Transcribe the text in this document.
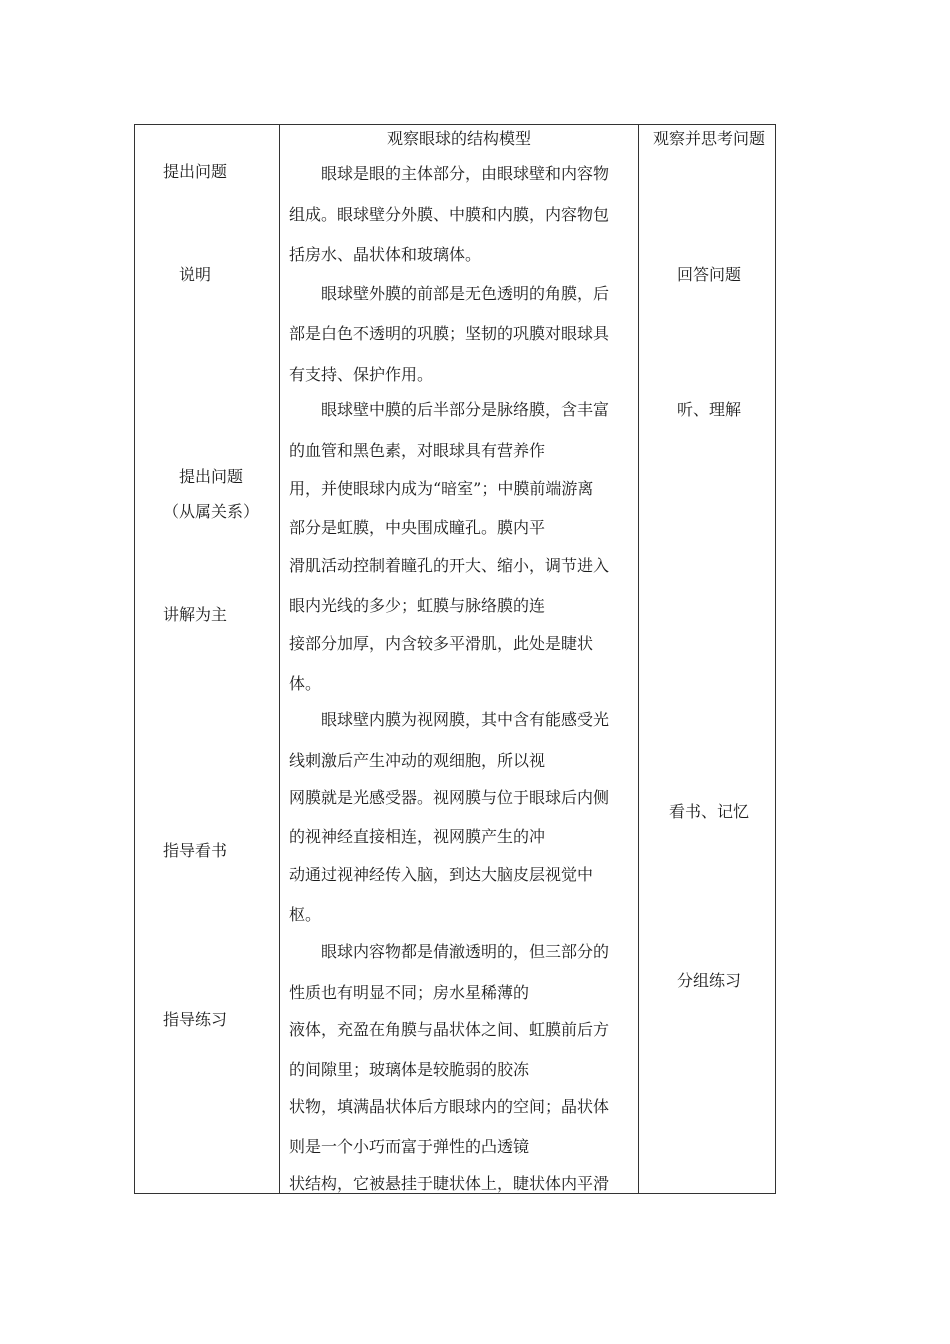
提出问题
说明
提出问题
（从属关系）
讲解为主
指导看书
指导练习
观察眼球的结构模型
眼球是眼的主体部分，由眼球壁和内容物
组成。眼球壁分外膜、中膜和内膜，内容物包
括房水、晶状体和玻璃体。
眼球壁外膜的前部是无色透明的角膜，后
部是白色不透明的巩膜；坚韧的巩膜对眼球具
有支持、保护作用。
眼球壁中膜的后半部分是脉络膜，含丰富
的血管和黑色素，对眼球具有营养作
用，并使眼球内成为“暗室”；中膜前端游离
部分是虹膜，中央围成瞳孔。膜内平
滑肌活动控制着瞳孔的开大、缩小，调节进入
眼内光线的多少；虹膜与脉络膜的连
接部分加厚，内含较多平滑肌，此处是睫状
体。
眼球壁内膜为视网膜，其中含有能感受光
线刺激后产生冲动的观细胞，所以视
网膜就是光感受器。视网膜与位于眼球后内侧
的视神经直接相连，视网膜产生的冲
动通过视神经传入脑，到达大脑皮层视觉中
枢。
眼球内容物都是倩澈透明的，但三部分的
性质也有明显不同；房水星稀薄的
液体，充盈在角膜与晶状体之间、虹膜前后方
的间隙里；玻璃体是较脆弱的胶冻
状物，填满晶状体后方眼球内的空间；晶状体
则是一个小巧而富于弹性的凸透镜
状结构，它被悬挂于睫状体上，睫状体内平滑
观察并思考问题
回答问题
听、理解
看书、记忆
分组练习
